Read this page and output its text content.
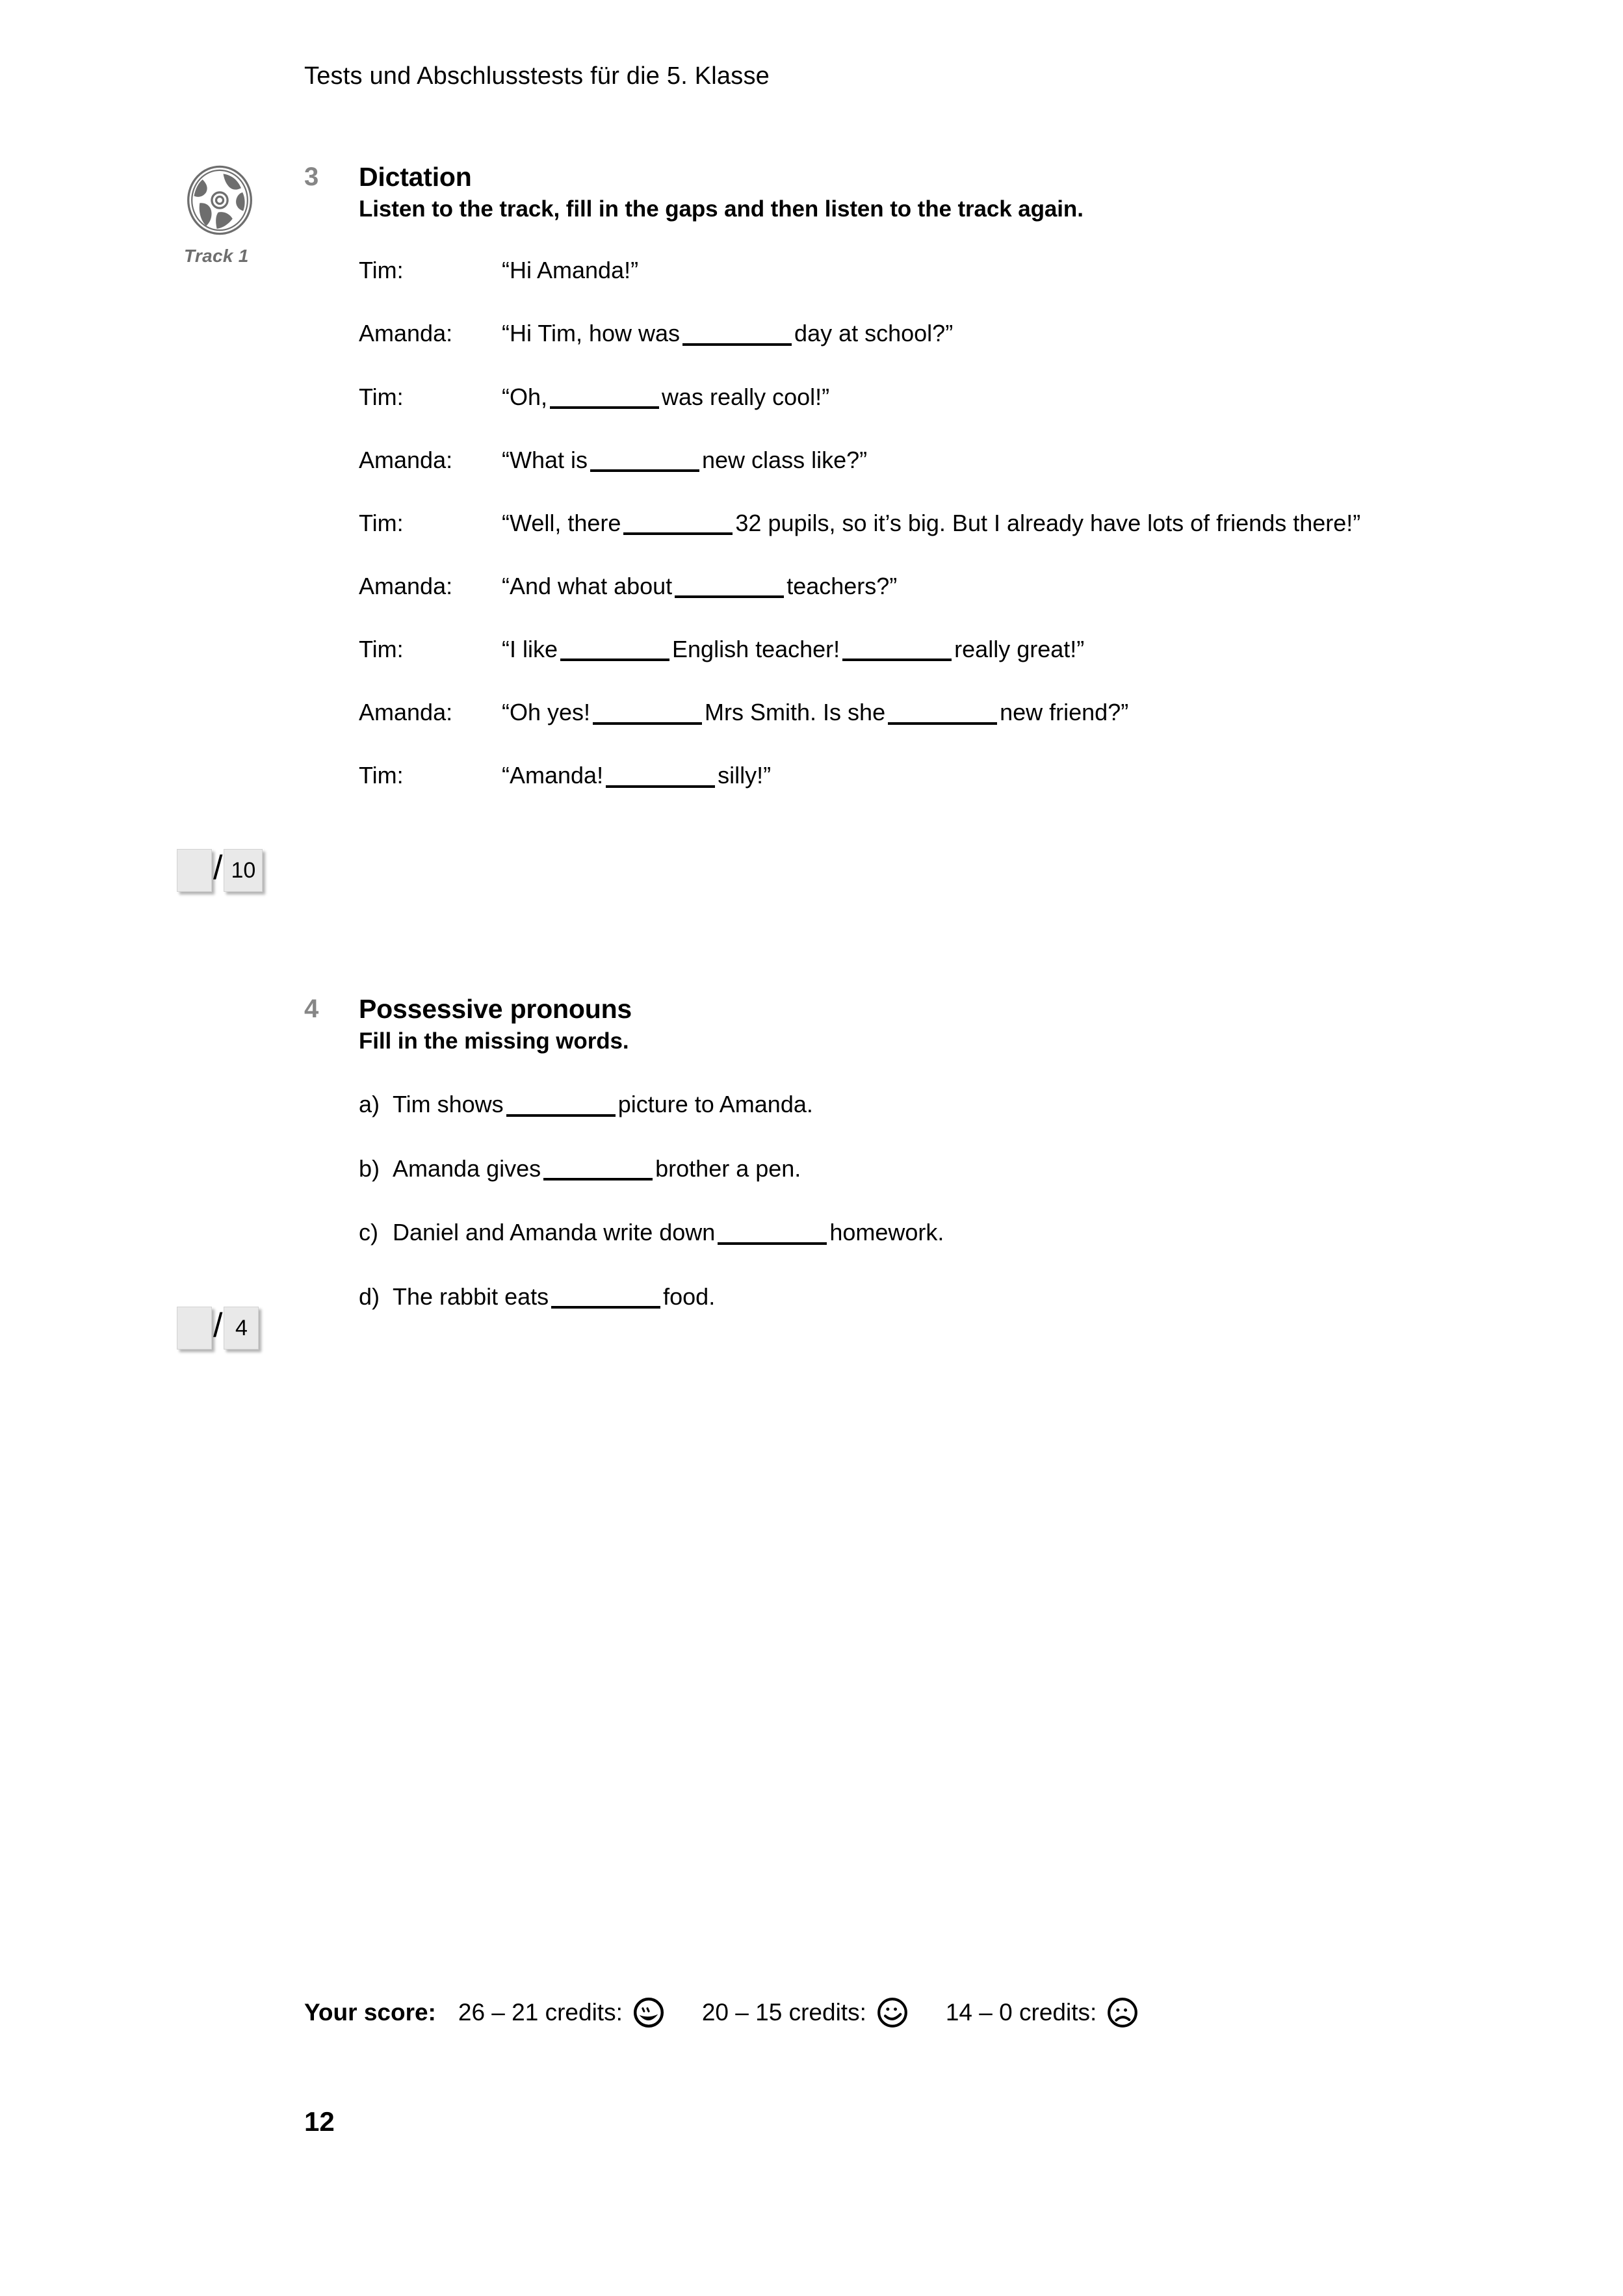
Tests und Abschlusstests für die 5. Klasse
Track 1
3	Dictation
Listen to the track, fill in the gaps and then listen to the track again.
Tim:	“Hi Amanda!”
Amanda:	“Hi Tim, how was	day at school?”
Tim:	“Oh,	was really cool!”
Amanda:	“What is	new class like?”
Tim:	“Well, there	32 pupils, so it’s big. But I already have lots of friends there!”
Amanda:	“And what about	teachers?”
Tim:	“I like	English teacher!	really great!”
Amanda:	“Oh yes!	Mrs Smith. Is she	new friend?”
Tim:	“Amanda!	silly!”
/ 10
4	Possessive pronouns
Fill in the missing words.
a) Tim shows	picture to Amanda.
b) Amanda gives	brother a pen.
c) Daniel and Amanda write down	homework.
d) The rabbit eats	food.
/ 4
Your score: 26 – 21 credits:	20 – 15 credits:	14 – 0 credits:
12
